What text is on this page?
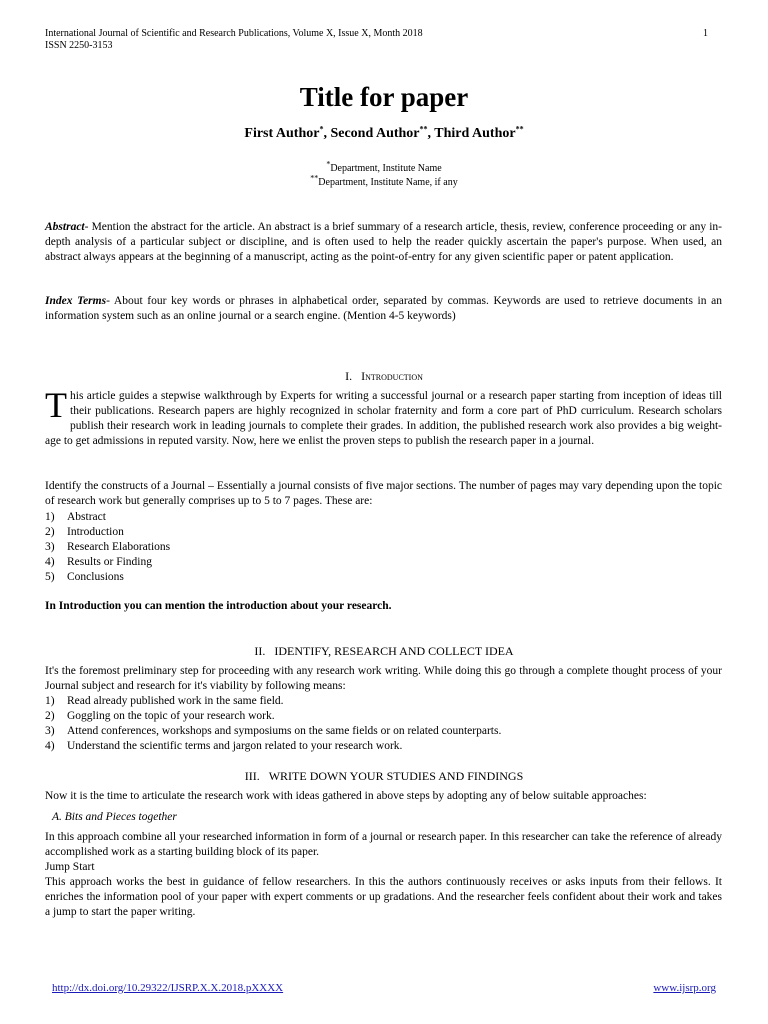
International Journal of Scientific and Research Publications, Volume X, Issue X, Month 2018
ISSN 2250-3153
1
Title for paper
First Author*, Second Author**, Third Author**
*Department, Institute Name
**Department, Institute Name, if any

Abstract- Mention the abstract for the article. An abstract is a brief summary of a research article, thesis, review, conference proceeding or any in-depth analysis of a particular subject or discipline, and is often used to help the reader quickly ascertain the paper's purpose. When used, an abstract always appears at the beginning of a manuscript, acting as the point-of-entry for any given scientific paper or patent application.

Index Terms- About four key words or phrases in alphabetical order, separated by commas. Keywords are used to retrieve documents in an information system such as an online journal or a search engine. (Mention 4-5 keywords)

I. Introduction

This article guides a stepwise walkthrough by Experts for writing a successful journal or a research paper starting from inception of ideas till their publications. Research papers are highly recognized in scholar fraternity and form a core part of PhD curriculum. Research scholars publish their research work in leading journals to complete their grades. In addition, the published research work also provides a big weight-age to get admissions in reputed varsity. Now, here we enlist the proven steps to publish the research paper in a journal.

Identify the constructs of a Journal – Essentially a journal consists of five major sections. The number of pages may vary depending upon the topic of research work but generally comprises up to 5 to 7 pages. These are:

1) Abstract
2) Introduction
3) Research Elaborations
4) Results or Finding
5) Conclusions
In Introduction you can mention the introduction about your research.
II. IDENTIFY, RESEARCH AND COLLECT IDEA

It's the foremost preliminary step for proceeding with any research work writing. While doing this go through a complete thought process of your Journal subject and research for it's viability by following means:

1) Read already published work in the same field.
2) Goggling on the topic of your research work.
3) Attend conferences, workshops and symposiums on the same fields or on related counterparts.
4) Understand the scientific terms and jargon related to your research work.
III. WRITE DOWN YOUR STUDIES AND FINDINGS

Now it is the time to articulate the research work with ideas gathered in above steps by adopting any of below suitable approaches:

A. Bits and Pieces together

In this approach combine all your researched information in form of a journal or research paper. In this researcher can take the reference of already accomplished work as a starting building block of its paper.

Jump Start

This approach works the best in guidance of fellow researchers. In this the authors continuously receives or asks inputs from their fellows. It enriches the information pool of your paper with expert comments or up gradations. And the researcher feels confident about their work and takes a jump to start the paper writing.

http://dx.doi.org/10.29322/IJSRP.X.X.2018.pXXXX	www.ijsrp.org
